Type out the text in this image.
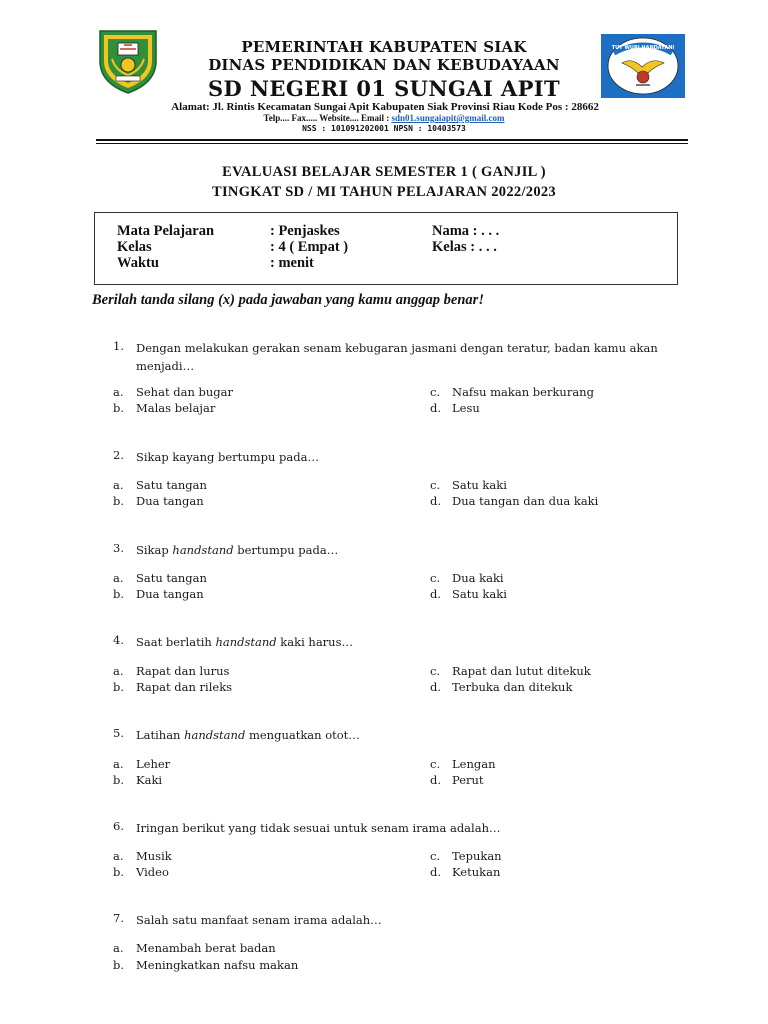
TUT WURI HANDAYANI
PEMERINTAH KABUPATEN SIAK
DINAS PENDIDIKAN DAN KEBUDAYAAN
SD NEGERI 01 SUNGAI APIT
Alamat: Jl. Rintis Kecamatan Sungai Apit Kabupaten Siak Provinsi Riau Kode Pos : 28662
Telp.... Fax..... Website.... Email : sdn01.sungaiapit@gmail.com
NSS : 101091202001 NPSN : 10403573
EVALUASI BELAJAR SEMESTER 1 ( GANJIL )
TINGKAT SD / MI TAHUN PELAJARAN 2022/2023
Mata Pelajaran	: Penjaskes	Nama : . . .
Kelas	: 4 ( Empat )	Kelas : . . .
Waktu	: menit
Berilah tanda silang (x) pada jawaban yang kamu anggap benar!
1. Dengan melakukan gerakan senam kebugaran jasmani dengan teratur, badan kamu akan menjadi…
a. Sehat dan bugar	c. Nafsu makan berkurang
b. Malas belajar	d. Lesu
2. Sikap kayang bertumpu pada…
a. Satu tangan	c. Satu kaki
b. Dua tangan	d. Dua tangan dan dua kaki
3. Sikap handstand bertumpu pada…
a. Satu tangan	c. Dua kaki
b. Dua tangan	d. Satu kaki
4. Saat berlatih handstand kaki harus…
a. Rapat dan lurus	c. Rapat dan lutut ditekuk
b. Rapat dan rileks	d. Terbuka dan ditekuk
5. Latihan handstand menguatkan otot…
a. Leher	c. Lengan
b. Kaki	d. Perut
6. Iringan berikut yang tidak sesuai untuk senam irama adalah…
a. Musik	c. Tepukan
b. Video	d. Ketukan
7. Salah satu manfaat senam irama adalah…
a. Menambah berat badan
b. Meningkatkan nafsu makan
